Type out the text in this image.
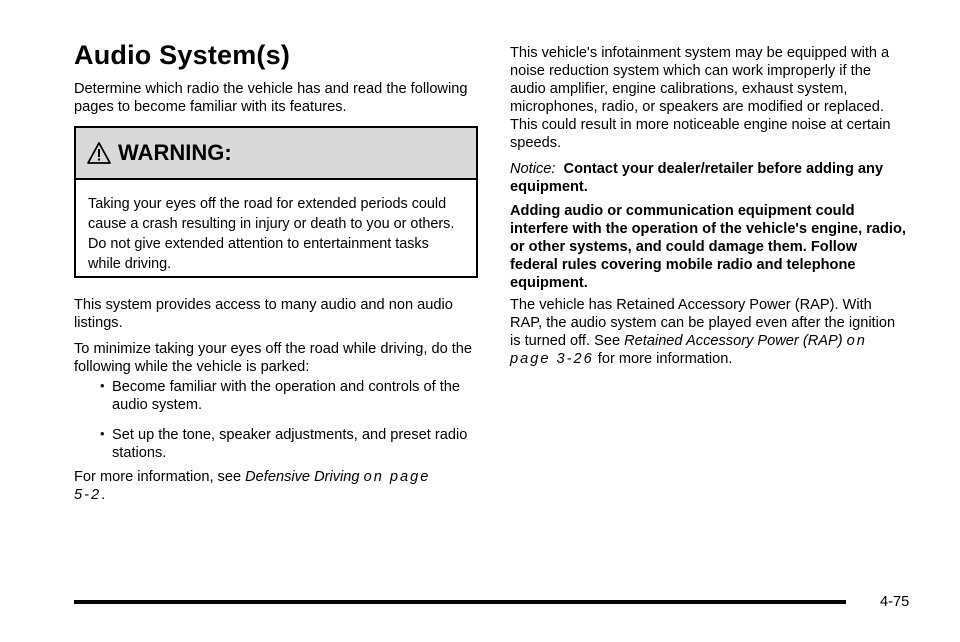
Audio System(s)

Determine which radio the vehicle has and read the following pages to become familiar with its features.

WARNING:
Taking your eyes off the road for extended periods could cause a crash resulting in injury or death to you or others. Do not give extended attention to entertainment tasks while driving.

This system provides access to many audio and non audio listings.

To minimize taking your eyes off the road while driving, do the following while the vehicle is parked:

• Become familiar with the operation and controls of the audio system.
• Set up the tone, speaker adjustments, and preset radio stations.

For more information, see Defensive Driving on page 5‑2.

This vehicle's infotainment system may be equipped with a noise reduction system which can work improperly if the audio amplifier, engine calibrations, exhaust system, microphones, radio, or speakers are modified or replaced. This could result in more noticeable engine noise at certain speeds.

Notice: Contact your dealer/retailer before adding any equipment.

Adding audio or communication equipment could interfere with the operation of the vehicle's engine, radio, or other systems, and could damage them. Follow federal rules covering mobile radio and telephone equipment.

The vehicle has Retained Accessory Power (RAP). With RAP, the audio system can be played even after the ignition is turned off. See Retained Accessory Power (RAP) on page 3‑26 for more information.

4-75
